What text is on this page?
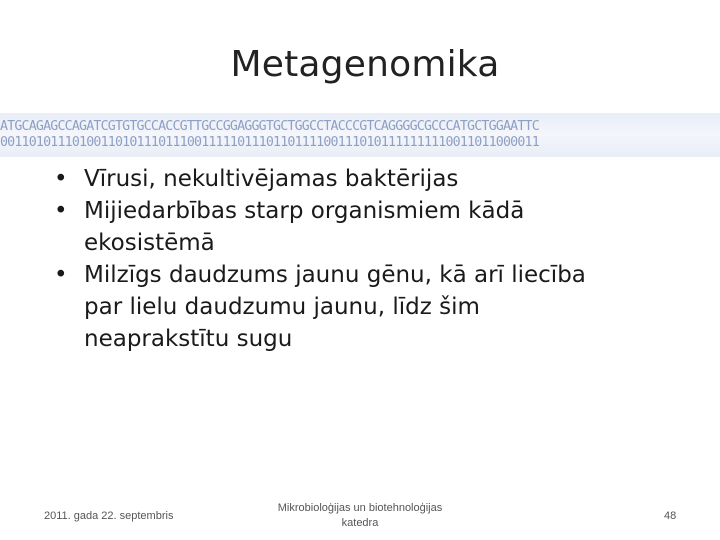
Metagenomika
ATGCAGAGCCAGATCGTGTGCCACCGTTGCCGGAGGGTGCTGGCCTACCCGTCAGGGGCGCCCATGCTGGAATTC
001101011101001101011101110011111011101101111001110101111111110011011000011
• Vīrusi, nekultivējamas baktērijas
• Mijiedarbības starp organismiem kādā
ekosistēmā
• Milzīgs daudzums jaunu gēnu, kā arī liecība
par lielu daudzumu jaunu, līdz šim
neaprakstītu sugu
2011. gada 22. septembris
Mikrobioloģijas un biotehnoloģijas
katedra
48
